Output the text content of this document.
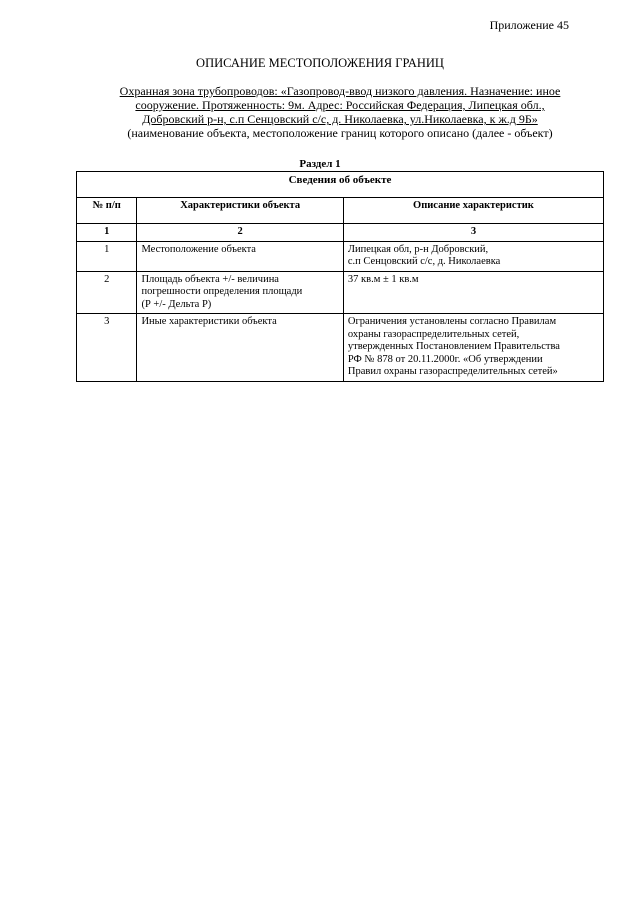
Приложение 45
ОПИСАНИЕ МЕСТОПОЛОЖЕНИЯ ГРАНИЦ
Охранная зона трубопроводов: «Газопровод-ввод низкого давления. Назначение: иное
сооружение. Протяженность: 9м. Адрес: Российская Федерация, Липецкая обл.,
Добровский р-н, с.п Сенцовский с/с, д. Николаевка, ул.Николаевка, к ж.д 9Б»
(наименование объекта, местоположение границ которого описано (далее - объект)
Раздел 1
Сведения об объекте		
№ п/п	Характеристики объекта	Описание характеристик
1	2	3
1	Местоположение объекта	Липецкая обл, р-н Добровский,
с.п Сенцовский с/с, д. Николаевка

2	Площадь объекта +/- величина
погрешности определения площади
(Р +/- Дельта Р)	37 кв.м ± 1 кв.м

3	Иные характеристики объекта	Ограничения установлены согласно Правилам
охраны газораспределительных сетей,
утвержденных Постановлением Правительства
РФ № 878 от 20.11.2000г. «Об утверждении
Правил охраны газораспределительных сетей»
